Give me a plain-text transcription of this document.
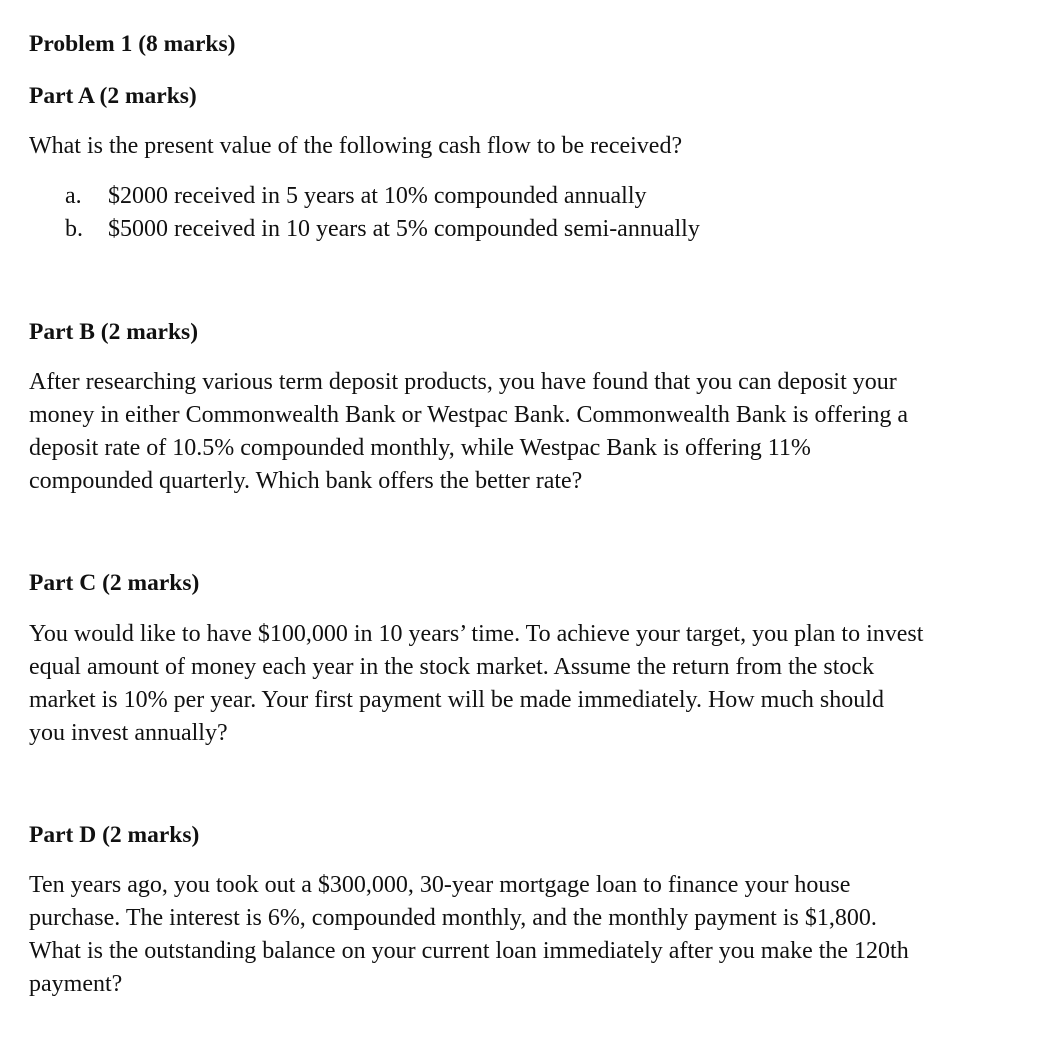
Problem 1 (8 marks)

Part A (2 marks)

What is the present value of the following cash flow to be received?

a. $2000 received in 5 years at 10% compounded annually
b. $5000 received in 10 years at 5% compounded semi-annually

Part B (2 marks)

After researching various term deposit products, you have found that you can deposit your

money in either Commonwealth Bank or Westpac Bank. Commonwealth Bank is offering a

deposit rate of 10.5% compounded monthly, while Westpac Bank is offering 11%

compounded quarterly. Which bank offers the better rate?

Part C (2 marks)

You would like to have $100,000 in 10 years’ time. To achieve your target, you plan to invest

equal amount of money each year in the stock market. Assume the return from the stock

market is 10% per year. Your first payment will be made immediately. How much should

you invest annually?

Part D (2 marks)

Ten years ago, you took out a $300,000, 30-year mortgage loan to finance your house

purchase. The interest is 6%, compounded monthly, and the monthly payment is $1,800.

What is the outstanding balance on your current loan immediately after you make the 120th

payment?
